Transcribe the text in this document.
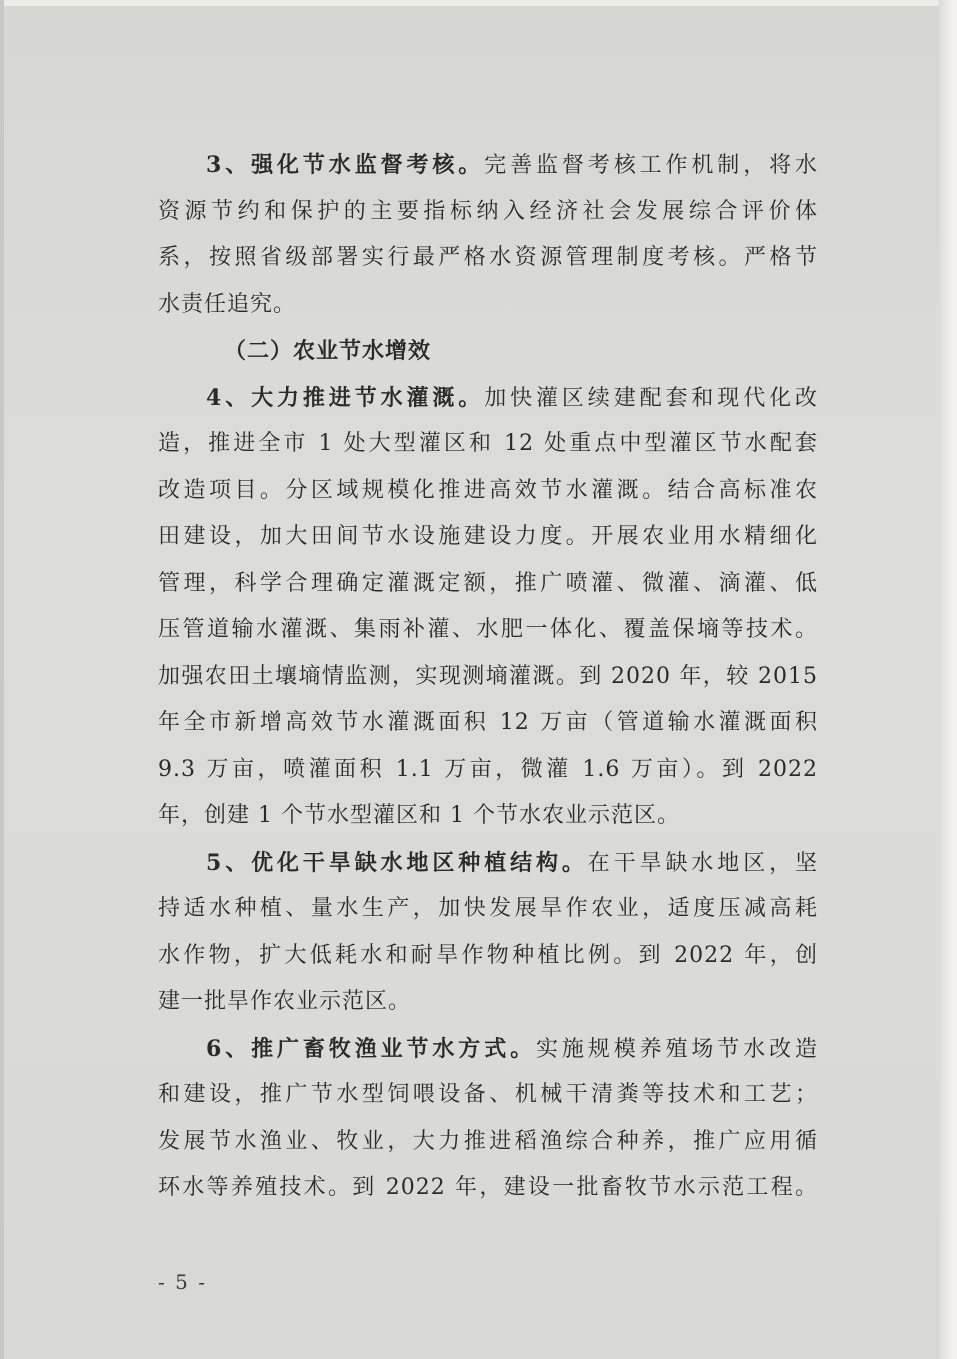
3、强化节水监督考核。完善监督考核工作机制，将水
资源节约和保护的主要指标纳入经济社会发展综合评价体
系，按照省级部署实行最严格水资源管理制度考核。严格节
水责任追究。
（二）农业节水增效
4、大力推进节水灌溉。加快灌区续建配套和现代化改
造，推进全市 1 处大型灌区和 12 处重点中型灌区节水配套
改造项目。分区域规模化推进高效节水灌溉。结合高标准农
田建设，加大田间节水设施建设力度。开展农业用水精细化
管理，科学合理确定灌溉定额，推广喷灌、微灌、滴灌、低
压管道输水灌溉、集雨补灌、水肥一体化、覆盖保墒等技术。
加强农田土壤墒情监测，实现测墒灌溉。到 2020 年，较 2015
年全市新增高效节水灌溉面积 12 万亩（管道输水灌溉面积
9.3 万亩，喷灌面积 1.1 万亩，微灌 1.6 万亩）。到 2022
年，创建 1 个节水型灌区和 1 个节水农业示范区。
5、优化干旱缺水地区种植结构。在干旱缺水地区，坚
持适水种植、量水生产，加快发展旱作农业，适度压减高耗
水作物，扩大低耗水和耐旱作物种植比例。到 2022 年，创
建一批旱作农业示范区。
6、推广畜牧渔业节水方式。实施规模养殖场节水改造
和建设，推广节水型饲喂设备、机械干清粪等技术和工艺；
发展节水渔业、牧业，大力推进稻渔综合种养，推广应用循
环水等养殖技术。到 2022 年，建设一批畜牧节水示范工程。
- 5 -
